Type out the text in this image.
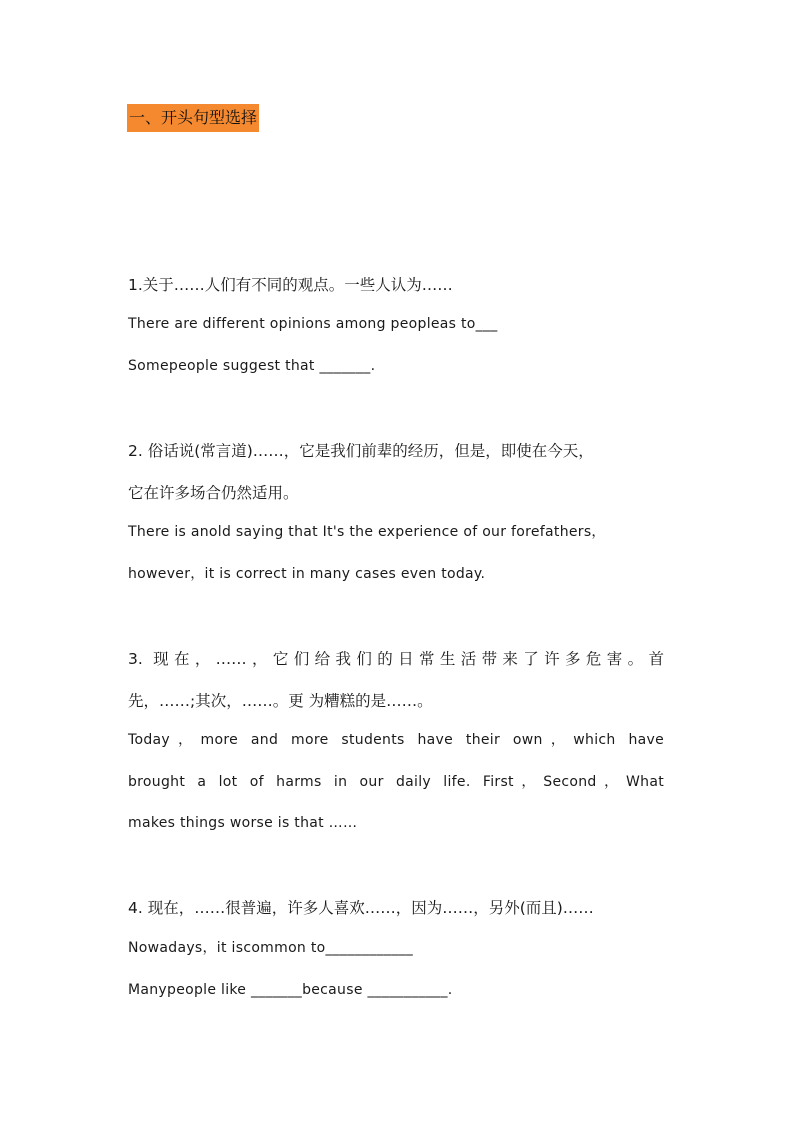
一、开头句型选择
1.关于……人们有不同的观点。一些人认为……
There are different opinions among peopleas to___
Somepeople suggest that _______.
2. 俗话说(常言道)……，它是我们前辈的经历，但是，即使在今天，
它在许多场合仍然适用。
There is anold saying that It's the experience of our forefathers，
however，it is correct in many cases even today.
3. 现在，……，它们给我们的日常生活带来了许多危害。首
先，……;其次，……。更 为糟糕的是……。
Today，more and more students have their own，which have
brought a lot of harms in our daily life. First，Second，What
makes things worse is that ……
4. 现在，……很普遍，许多人喜欢……，因为……，另外(而且)……
Nowadays，it iscommon to____________
Manypeople like _______because ___________.
